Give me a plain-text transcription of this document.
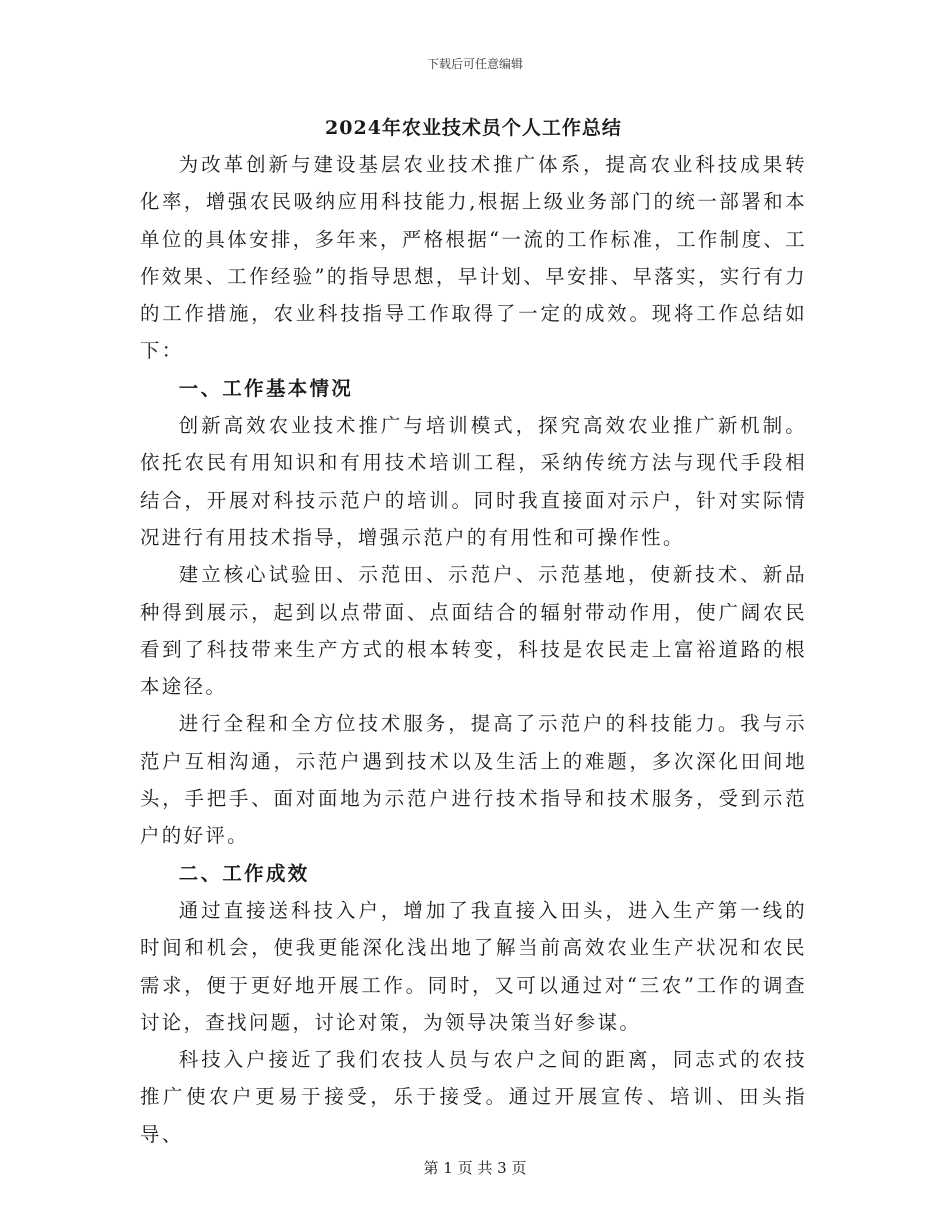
下载后可任意编辑
2024年农业技术员个人工作总结

为改革创新与建设基层农业技术推广体系，提高农业科技成果转化率，增强农民吸纳应用科技能力,根据上级业务部门的统一部署和本单位的具体安排，多年来，严格根据“一流的工作标准，工作制度、工作效果、工作经验”的指导思想，早计划、早安排、早落实，实行有力的工作措施，农业科技指导工作取得了一定的成效。现将工作总结如下：

一、工作基本情况

创新高效农业技术推广与培训模式，探究高效农业推广新机制。依托农民有用知识和有用技术培训工程，采纳传统方法与现代手段相结合，开展对科技示范户的培训。同时我直接面对示户，针对实际情况进行有用技术指导，增强示范户的有用性和可操作性。

建立核心试验田、示范田、示范户、示范基地，使新技术、新品种得到展示，起到以点带面、点面结合的辐射带动作用，使广阔农民看到了科技带来生产方式的根本转变，科技是农民走上富裕道路的根本途径。

进行全程和全方位技术服务，提高了示范户的科技能力。我与示范户互相沟通，示范户遇到技术以及生活上的难题，多次深化田间地头，手把手、面对面地为示范户进行技术指导和技术服务，受到示范户的好评。

二、工作成效

通过直接送科技入户，增加了我直接入田头，进入生产第一线的时间和机会，使我更能深化浅出地了解当前高效农业生产状况和农民需求，便于更好地开展工作。同时，又可以通过对“三农”工作的调查讨论，查找问题，讨论对策，为领导决策当好参谋。

科技入户接近了我们农技人员与农户之间的距离，同志式的农技推广使农户更易于接受，乐于接受。通过开展宣传、培训、田头指导、

第 1 页 共 3 页
